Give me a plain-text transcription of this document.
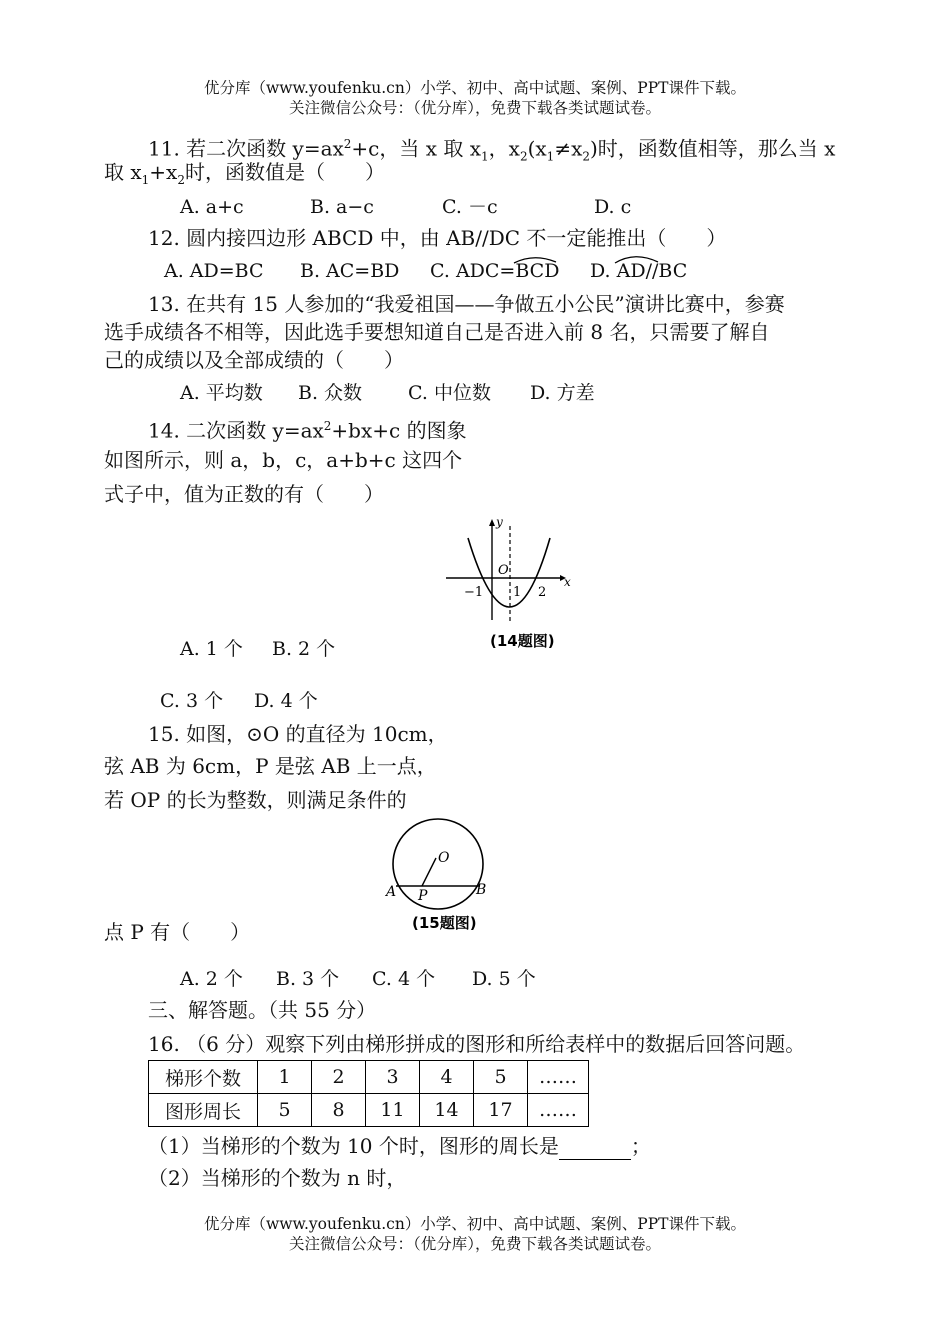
优分库（www.youfenku.cn）小学、初中、高中试题、案例、PPT课件下载。
关注微信公众号：（优分库），免费下载各类试题试卷。
11. 若二次函数 $y=ax^2+c$，当 x 取 $x_1$，$x_2(x_1\ne x_2)$时，函数值相等，那么当 x
取 $x_1+x_2$时，函数值是（　　）
A. a+c	B. a−c	C. －c	D. c
12. 圆内接四边形 ABCD 中，由 AB//DC 不一定能推出（　　）
A. AD=BC B. AC=BD C. ADC=BCD D. AD//BC
13. 在共有 15 人参加的“我爱祖国——争做五小公民”演讲比赛中，参赛
选手成绩各不相等，因此选手要想知道自己是否进入前 8 名，只需要了解自
己的成绩以及全部成绩的（　　）
A. 平均数 B. 众数 C. 中位数 D. 方差
14. 二次函数 $y=ax^2+bx+c$ 的图象
如图所示，则 a，b，c，a+b+c 这四个
式子中，值为正数的有（　　）
y
x
O
−1 1 2
(14题图)
A. 1 个 B. 2 个
C. 3 个 D. 4 个
15. 如图，⊙O 的直径为 10cm，
弦 AB 为 6cm，P 是弦 AB 上一点，
若 OP 的长为整数，则满足条件的
O
A P	B
(15题图)
点 P 有（　　）
A. 2 个 B. 3 个 C. 4 个 D. 5 个
三、解答题。（共 55 分）
16. （6 分）观察下列由梯形拼成的图形和所给表样中的数据后回答问题。
梯形个数	1	2	3	4	5	……
图形周长	5	8	11	14	17	……
（1）当梯形的个数为 10 个时，图形的周长是	；
（2）当梯形的个数为 n 时，
优分库（www.youfenku.cn）小学、初中、高中试题、案例、PPT课件下载。
关注微信公众号：（优分库），免费下载各类试题试卷。
